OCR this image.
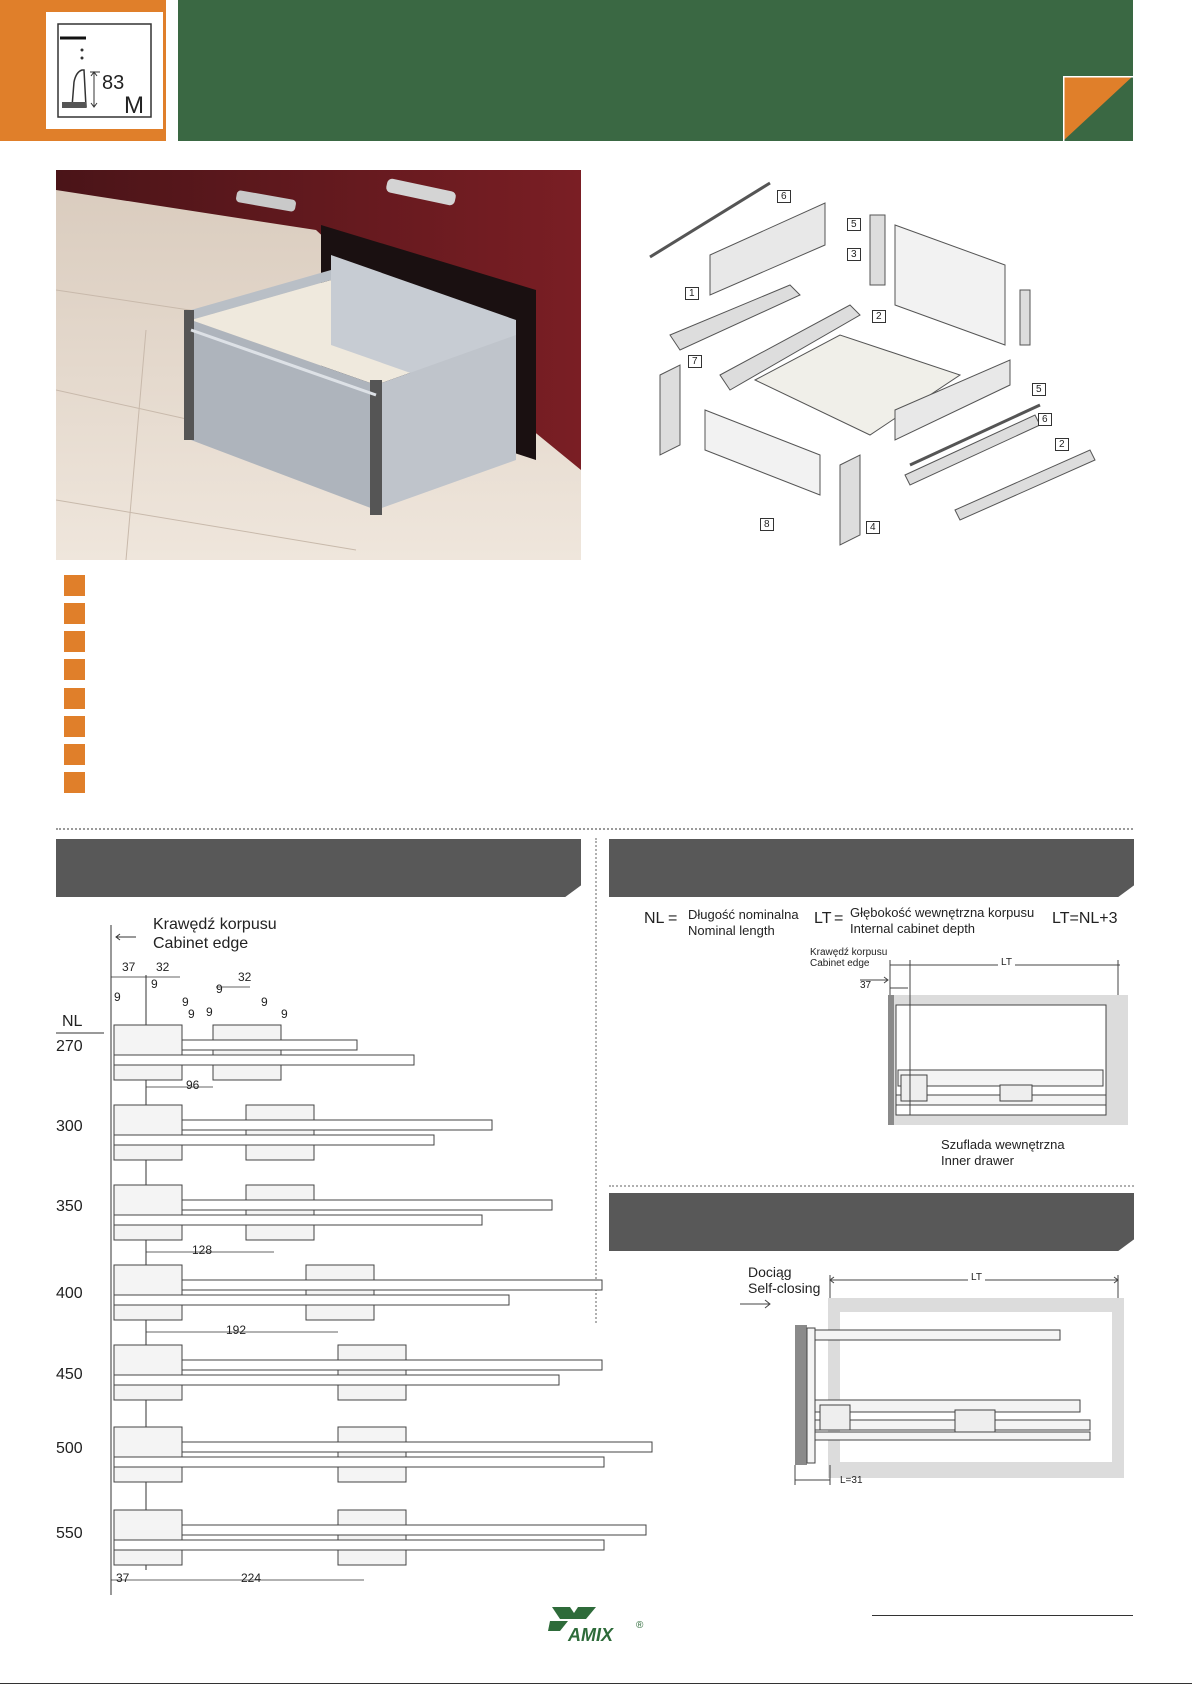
83
M
6
5
3
1
2
7
5
6
2
4
8
Krawędź korpusu
Cabinet edge
37 32
9
9	9
9
32
9
9
9
9
NL
96
128
192
37	224
270
300
350
400
450
500
550
NL = Długość nominalna
Nominal length
LT = Głębokość wewnętrzna korpusu
Internal cabinet depth
LT=NL+3
Krawędź korpusu
Cabinet edge	LT
37
Szuflada wewnętrzna
Inner drawer
Dociąg
Self-closing
LT
L=31
AMIX ®
